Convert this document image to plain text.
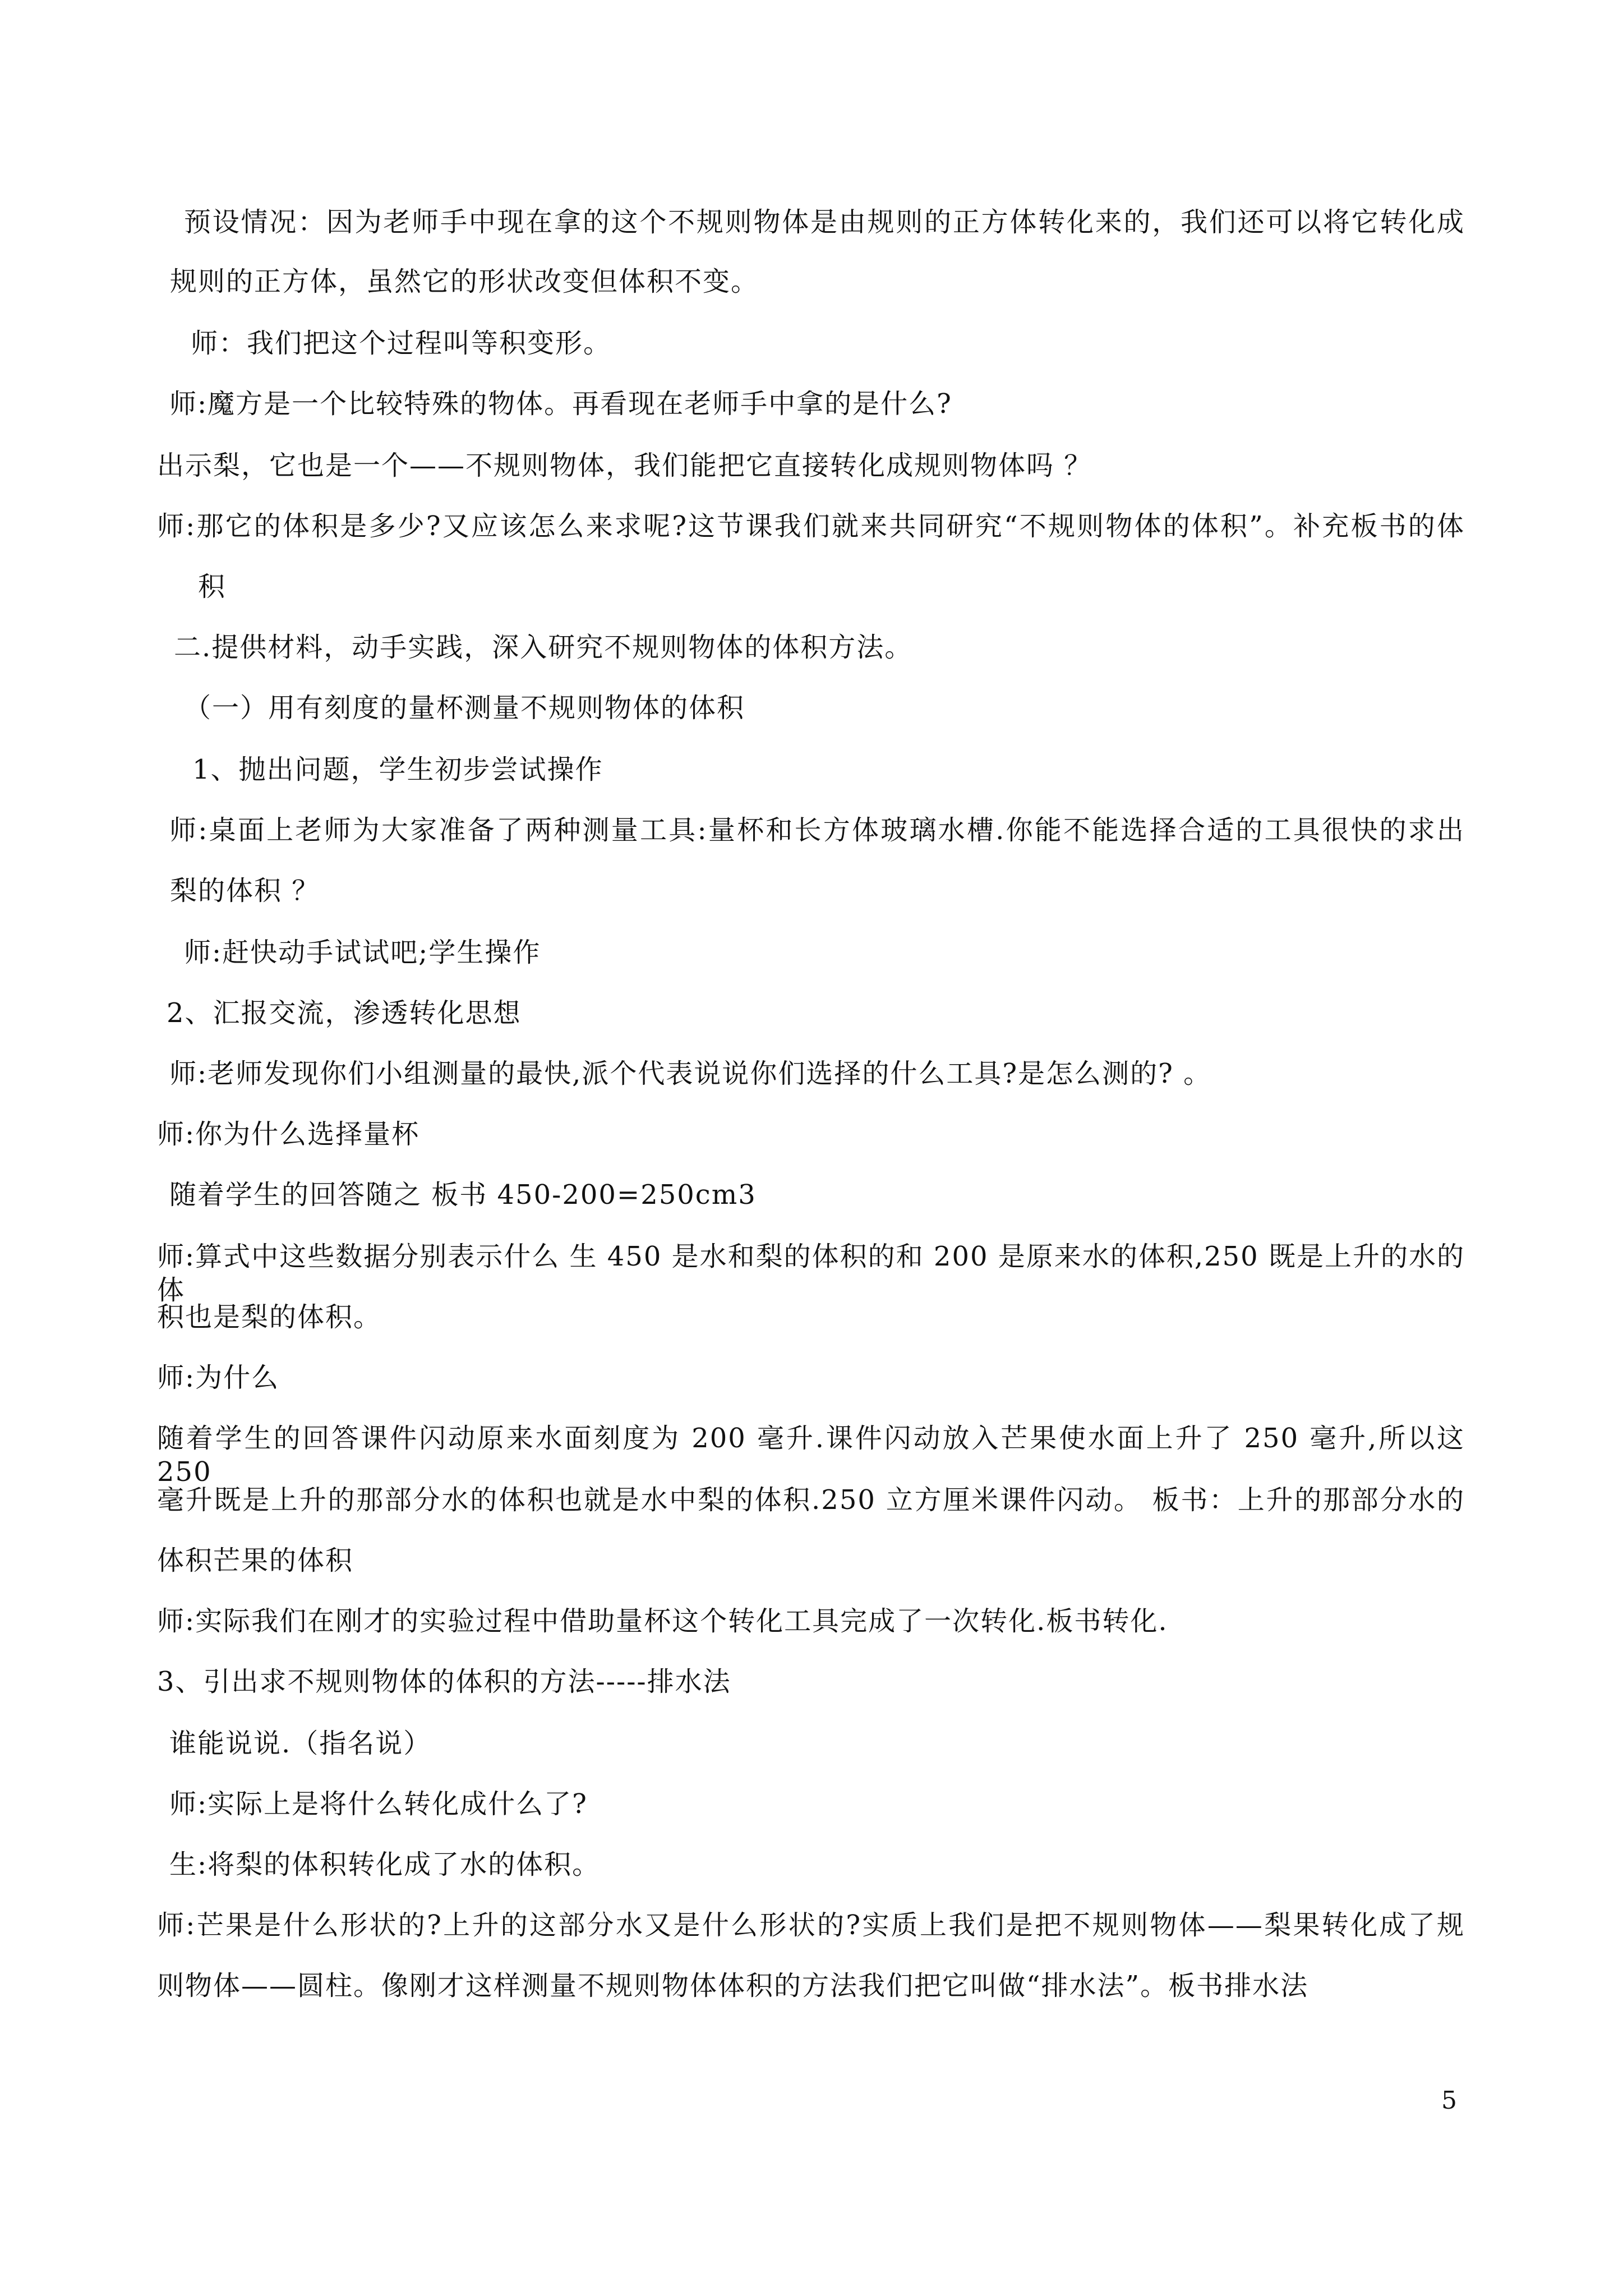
预设情况：因为老师手中现在拿的这个不规则物体是由规则的正方体转化来的，我们还可以将它转化成
规则的正方体，虽然它的形状改变但体积不变。
师：我们把这个过程叫等积变形。
师:魔方是一个比较特殊的物体。再看现在老师手中拿的是什么?
出示梨，它也是一个——不规则物体，我们能把它直接转化成规则物体吗 ？
师:那它的体积是多少?又应该怎么来求呢?这节课我们就来共同研究“不规则物体的体积”。补充板书的体
积
二.提供材料，动手实践，深入研究不规则物体的体积方法。
（一）用有刻度的量杯测量不规则物体的体积
1、抛出问题，学生初步尝试操作
师:桌面上老师为大家准备了两种测量工具:量杯和长方体玻璃水槽.你能不能选择合适的工具很快的求出
梨的体积 ？
师:赶快动手试试吧;学生操作
2、汇报交流，渗透转化思想
师:老师发现你们小组测量的最快,派个代表说说你们选择的什么工具?是怎么测的? 。
师:你为什么选择量杯
随着学生的回答随之 板书 450-200=250cm3
师:算式中这些数据分别表示什么 生 450 是水和梨的体积的和 200 是原来水的体积,250 既是上升的水的体
积也是梨的体积。
师:为什么
随着学生的回答课件闪动原来水面刻度为 200 毫升.课件闪动放入芒果使水面上升了 250 毫升,所以这 250
毫升既是上升的那部分水的体积也就是水中梨的体积.250 立方厘米课件闪动。 板书：上升的那部分水的
体积芒果的体积
师:实际我们在刚才的实验过程中借助量杯这个转化工具完成了一次转化.板书转化.
3、引出求不规则物体的体积的方法-----排水法
谁能说说.（指名说）
师:实际上是将什么转化成什么了?
生:将梨的体积转化成了水的体积。
师:芒果是什么形状的?上升的这部分水又是什么形状的?实质上我们是把不规则物体——梨果转化成了规
则物体——圆柱。像刚才这样测量不规则物体体积的方法我们把它叫做“排水法”。板书排水法
5
